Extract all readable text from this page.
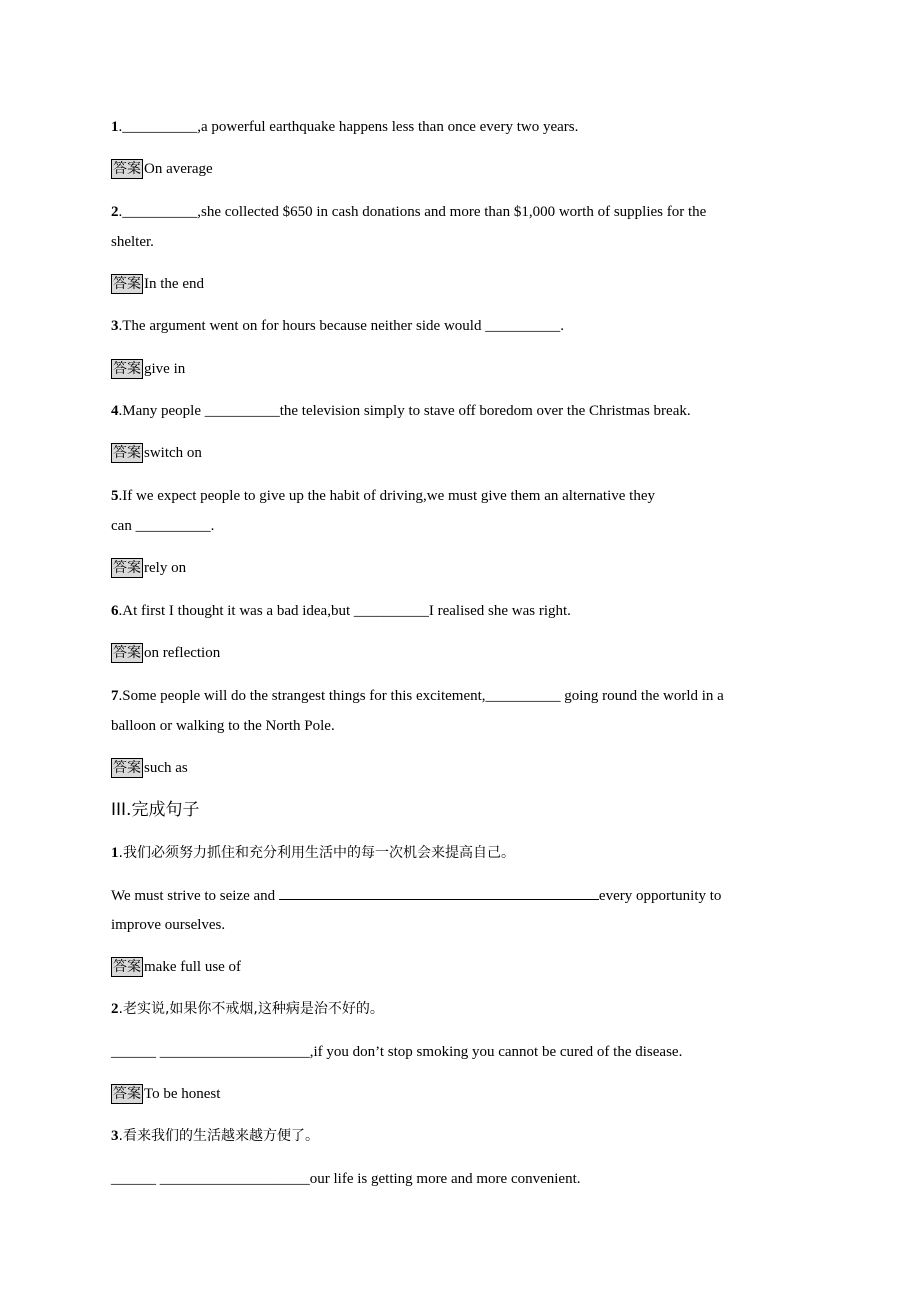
1.__________,a powerful earthquake happens less than once every two years.
答案 On average
2.__________,she collected $650 in cash donations and more than $1,000 worth of supplies for the
shelter.
答案 In the end
3.The argument went on for hours because neither side would __________.
答案 give in
4.Many people __________the television simply to stave off boredom over the Christmas break.
答案 switch on
5.If we expect people to give up the habit of driving,we must give them an alternative they
can __________.
答案 rely on
6.At first I thought it was a bad idea,but __________I realised she was right.
答案 on reflection
7.Some people will do the strangest things for this excitement,__________ going round the world in a
balloon or walking to the North Pole.
答案 such as
III.完成句子
1.我们必须努力抓住和充分利用生活中的每一次机会来提高自己。
We must strive to seize and	every opportunity to
improve ourselves.
答案 make full use of
2.老实说,如果你不戒烟,这种病是治不好的。
______ ____________________,if you don’t stop smoking you cannot be cured of the disease.
答案 To be honest
3.看来我们的生活越来越方便了。
______ ____________________our life is getting more and more convenient.
